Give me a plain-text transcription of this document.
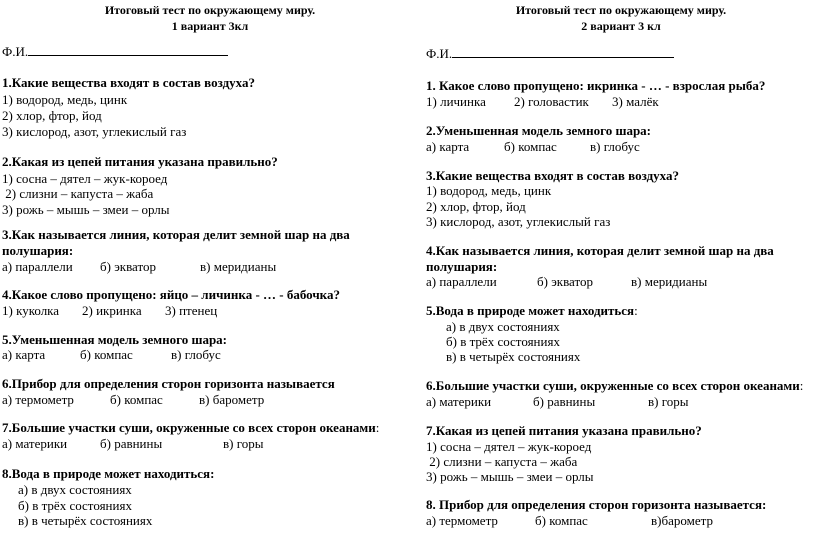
Итоговый тест по окружающему миру.
1 вариант 3кл
Ф.И.
1.Какие вещества входят в состав воздуха?
1) водород, медь, цинк
2) хлор, фтор, йод
3) кислород, азот, углекислый газ
2.Какая из цепей питания указана правильно?
1) сосна – дятел – жук-короед
2) слизни – капуста – жаба
3) рожь – мышь – змеи – орлы
3.Как называется линия, которая делит земной шар на два
полушария:
а) параллели б) экватор	в) меридианы
4.Какое слово пропущено: яйцо – личинка - … - бабочка?
1) куколка 2) икринка 3) птенец
5.Уменьшенная модель земного шара:
а) карта	б) компас	в) глобус
6.Прибор для определения сторон горизонта называется
а) термометр	б) компас	в) барометр
7.Большие участки суши, окруженные со всех сторон океанами:
а) материки	б) равнины	в) горы
8.Вода в природе может находиться:
а) в двух состояниях
б) в трёх состояниях
в) в четырёх состояниях
Итоговый тест по окружающему миру.
2 вариант 3 кл
Ф.И.
1. Какое слово пропущено: икринка - … - взрослая рыба?
1) личинка 2) головастик 3) малёк
2.Уменьшенная модель земного шара:
а) карта	б) компас	в) глобус
3.Какие вещества входят в состав воздуха?
1) водород, медь, цинк
2) хлор, фтор, йод
3) кислород, азот, углекислый газ
4.Как называется линия, которая делит земной шар на два
полушария:
а) параллели	б) экватор	в) меридианы
5.Вода в природе может находиться:
а) в двух состояниях
б) в трёх состояниях
в) в четырёх состояниях
6.Большие участки суши, окруженные со всех сторон океанами:
а) материки	б) равнины	в) горы
7.Какая из цепей питания указана правильно?
1) сосна – дятел – жук-короед
2) слизни – капуста – жаба
3) рожь – мышь – змеи – орлы
8. Прибор для определения сторон горизонта называется:
а) термометр	б) компас	в)барометр
